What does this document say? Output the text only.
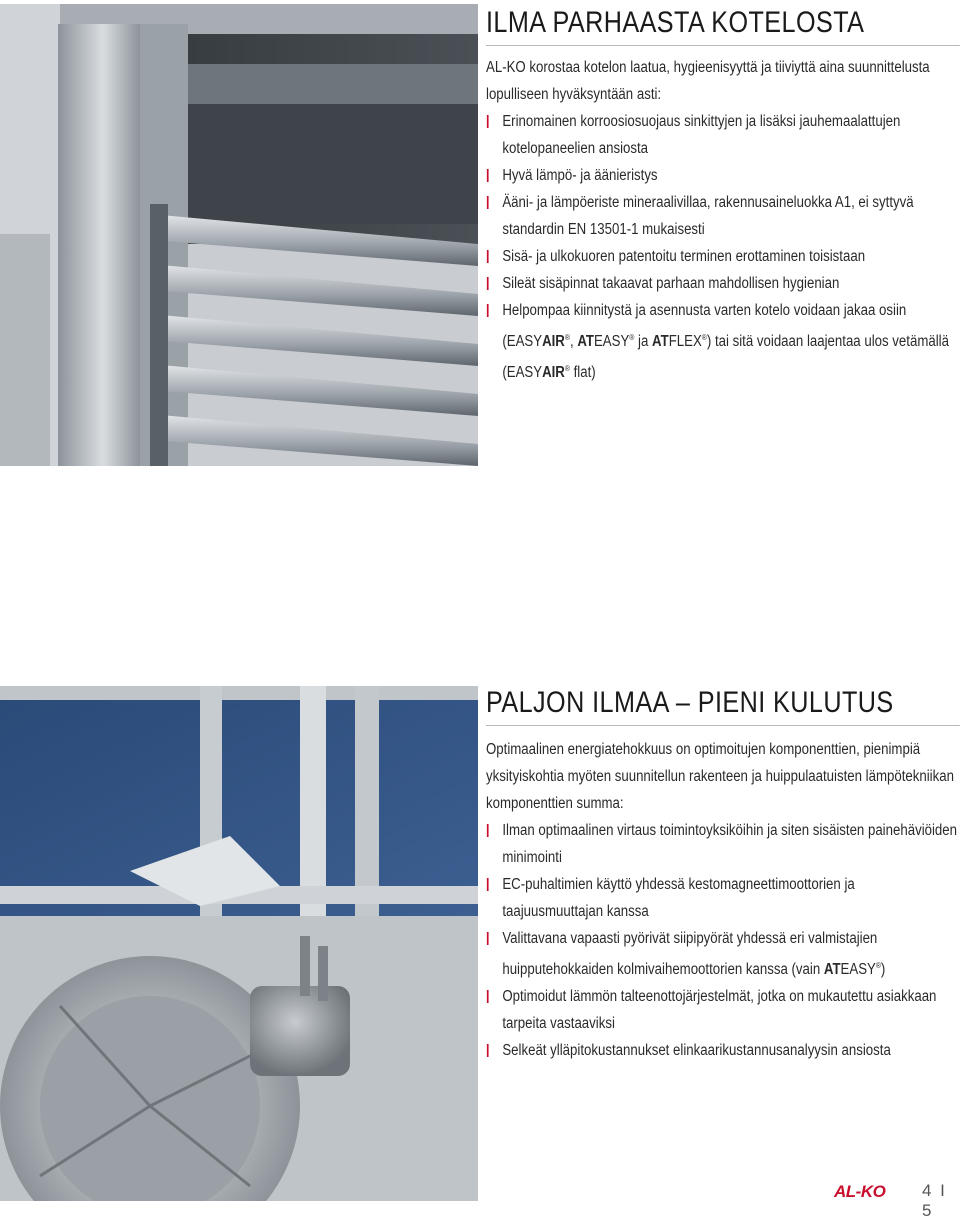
ILMA PARHAASTA KOTELOSTA

AL-KO korostaa kotelon laatua, hygieenisyyttä ja tiiviyttä aina suunnittelusta lopulliseen hyväksyntään asti:

Erinomainen korroosiosuojaus sinkittyjen ja lisäksi jauhemaalattujen kotelopaneelien ansiosta
Hyvä lämpö- ja äänieristys
Ääni- ja lämpöeriste mineraalivillaa, rakennusaineluokka A1, ei syttyvä standardin EN 13501-1 mukaisesti
Sisä- ja ulkokuoren patentoitu terminen erottaminen toisistaan
Sileät sisäpinnat takaavat parhaan mahdollisen hygienian
Helpompaa kiinnitystä ja asennusta varten kotelo voidaan jakaa osiin (EASYAIR®, ATEASY® ja ATFLEX®) tai sitä voidaan laajentaa ulos vetämällä (EASYAIR® flat)
PALJON ILMAA – PIENI KULUTUS

Optimaalinen energiatehokkuus on optimoitujen komponenttien, pienimpiä yksityiskohtia myöten suunnitellun rakenteen ja huippulaatuisten lämpötekniikan komponenttien summa:

Ilman optimaalinen virtaus toimintoyksiköihin ja siten sisäisten painehäviöiden minimointi
EC-puhaltimien käyttö yhdessä kestomagneettimoottorien ja taajuusmuuttajan kanssa
Valittavana vapaasti pyörivät siipipyörät yhdessä eri valmistajien huipputehokkaiden kolmivaihemoottorien kanssa (vain ATEASY®)
Optimoidut lämmön talteenottojärjestelmät, jotka on mukautettu asiakkaan tarpeita vastaaviksi
Selkeät ylläpitokustannukset elinkaarikustannusanalyysin ansiosta
AL-KO 4 I 5
